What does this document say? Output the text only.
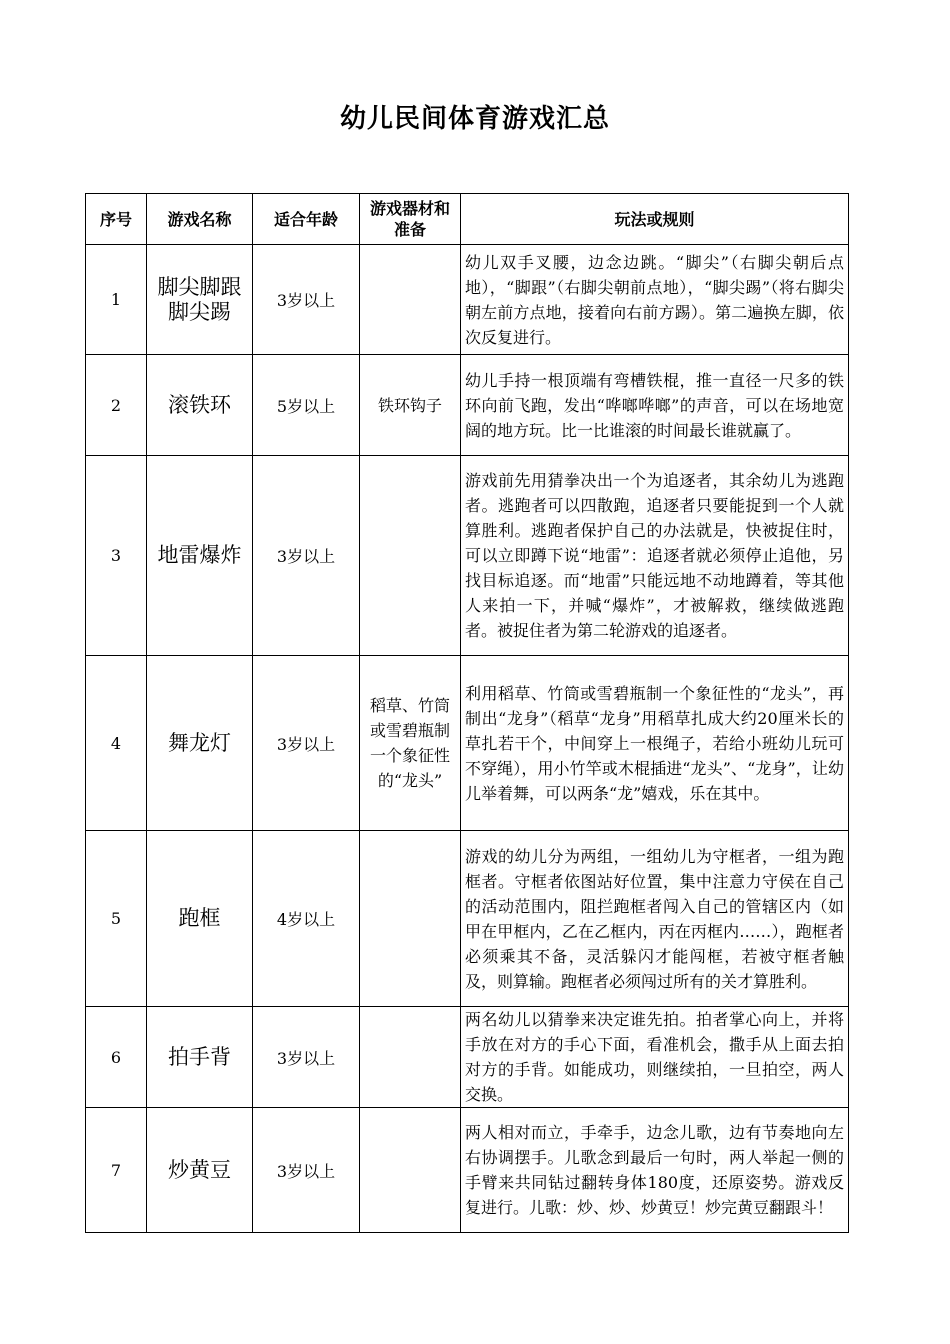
幼儿民间体育游戏汇总
序号	游戏名称	适合年龄	游戏器材和准备	玩法或规则
1	脚尖脚跟脚尖踢	3岁以上		幼儿双手叉腰，边念边跳。“脚尖”（右脚尖朝后点地），“脚跟”（右脚尖朝前点地），“脚尖踢”（将右脚尖朝左前方点地，接着向右前方踢）。第二遍换左脚，依次反复进行。
2	滚铁环	5岁以上	铁环钩子	幼儿手持一根顶端有弯槽铁棍，推一直径一尺多的铁环向前飞跑，发出“哗啷哗啷”的声音，可以在场地宽阔的地方玩。比一比谁滚的时间最长谁就赢了。
3	地雷爆炸	3岁以上		游戏前先用猜拳决出一个为追逐者，其余幼儿为逃跑者。逃跑者可以四散跑，追逐者只要能捉到一个人就算胜利。逃跑者保护自己的办法就是，快被捉住时，可以立即蹲下说“地雷”：追逐者就必须停止追他，另找目标追逐。而“地雷”只能远地不动地蹲着，等其他人来拍一下，并喊“爆炸”，才被解救，继续做逃跑者。被捉住者为第二轮游戏的追逐者。
4	舞龙灯	3岁以上	稻草、竹筒或雪碧瓶制一个象征性的“龙头”	利用稻草、竹筒或雪碧瓶制一个象征性的“龙头”，再制出“龙身”（稻草“龙身”用稻草扎成大约20厘米长的草扎若干个，中间穿上一根绳子，若给小班幼儿玩可不穿绳），用小竹竿或木棍插进“龙头”、“龙身”，让幼儿举着舞，可以两条“龙”嬉戏，乐在其中。
5	跑框	4岁以上		游戏的幼儿分为两组，一组幼儿为守框者，一组为跑框者。守框者依图站好位置，集中注意力守侯在自己的活动范围内，阻拦跑框者闯入自己的管辖区内（如甲在甲框内，乙在乙框内，丙在丙框内……），跑框者必须乘其不备，灵活躲闪才能闯框，若被守框者触及，则算输。跑框者必须闯过所有的关才算胜利。
6	拍手背	3岁以上		两名幼儿以猜拳来决定谁先拍。拍者掌心向上，并将手放在对方的手心下面，看准机会，撒手从上面去拍对方的手背。如能成功，则继续拍，一旦拍空，两人交换。
7	炒黄豆	3岁以上		两人相对而立，手牵手，边念儿歌，边有节奏地向左右协调摆手。儿歌念到最后一句时，两人举起一侧的手臂来共同钻过翻转身体180度，还原姿势。游戏反复进行。儿歌：炒、炒、炒黄豆！炒完黄豆翻跟斗！
